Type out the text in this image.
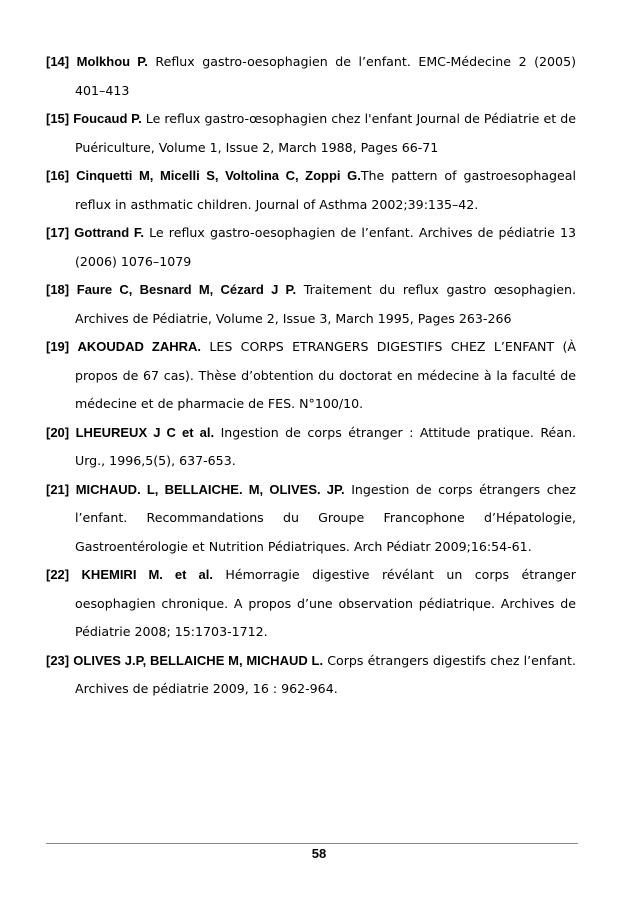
[14] Molkhou P. Reflux gastro-oesophagien de l’enfant. EMC-Médecine 2 (2005) 401–413

[15] Foucaud P. Le reflux gastro-œsophagien chez l'enfant Journal de Pédiatrie et de Puériculture, Volume 1, Issue 2, March 1988, Pages 66-71

[16] Cinquetti M, Micelli S, Voltolina C, Zoppi G.The pattern of gastroesophageal reflux in asthmatic children. Journal of Asthma 2002;39:135–42.

[17] Gottrand F. Le reflux gastro-oesophagien de l’enfant. Archives de pédiatrie 13 (2006) 1076–1079

[18] Faure C, Besnard M, Cézard J P. Traitement du reflux gastro œsophagien. Archives de Pédiatrie, Volume 2, Issue 3, March 1995, Pages 263-266

[19] AKOUDAD ZAHRA. LES CORPS ETRANGERS DIGESTIFS CHEZ L’ENFANT (À propos de 67 cas). Thèse d’obtention du doctorat en médecine à la faculté de médecine et de pharmacie de FES. N°100/10.

[20] LHEUREUX J C et al. Ingestion de corps étranger : Attitude pratique. Réan. Urg., 1996,5(5), 637-653.

[21] MICHAUD. L, BELLAICHE. M, OLIVES. JP. Ingestion de corps étrangers chez l’enfant. Recommandations du Groupe Francophone d’Hépatologie, Gastroentérologie et Nutrition Pédiatriques. Arch Pédiatr 2009;16:54-61.

[22] KHEMIRI M. et al. Hémorragie digestive révélant un corps étranger oesophagien chronique. A propos d’une observation pédiatrique. Archives de Pédiatrie 2008; 15:1703-1712.

[23] OLIVES J.P, BELLAICHE M, MICHAUD L. Corps étrangers digestifs chez l’enfant. Archives de pédiatrie 2009, 16 : 962-964.

58
